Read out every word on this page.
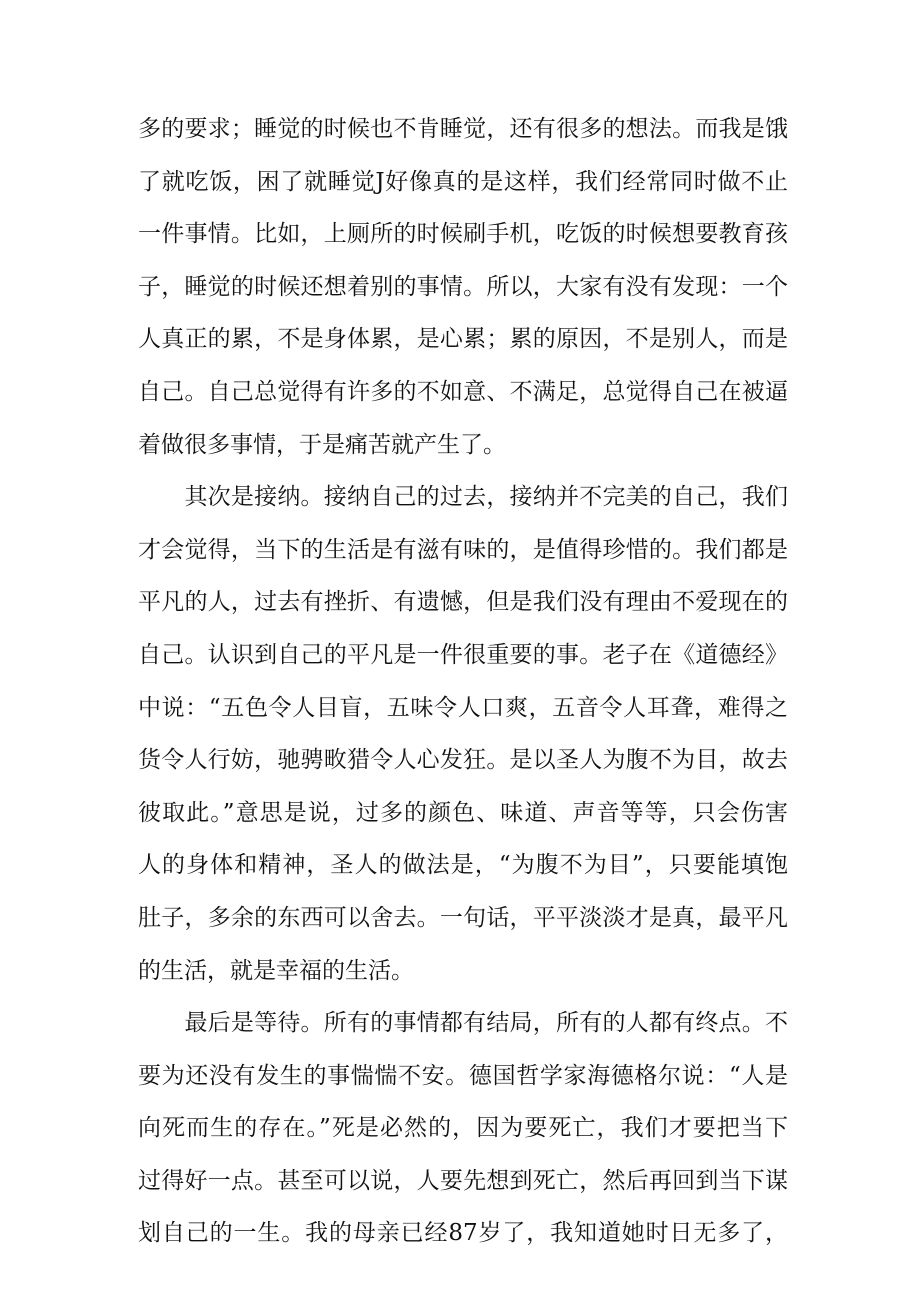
多的要求；睡觉的时候也不肯睡觉，还有很多的想法。而我是饿
了就吃饭，困了就睡觉J好像真的是这样，我们经常同时做不止
一件事情。比如，上厕所的时候刷手机，吃饭的时候想要教育孩
子，睡觉的时候还想着别的事情。所以，大家有没有发现：一个
人真正的累，不是身体累，是心累；累的原因，不是别人，而是
自己。自己总觉得有许多的不如意、不满足，总觉得自己在被逼
着做很多事情，于是痛苦就产生了。
　　其次是接纳。接纳自己的过去，接纳并不完美的自己，我们
才会觉得，当下的生活是有滋有味的，是值得珍惜的。我们都是
平凡的人，过去有挫折、有遗憾，但是我们没有理由不爱现在的
自己。认识到自己的平凡是一件很重要的事。老子在《道德经》
中说：“五色令人目盲，五味令人口爽，五音令人耳聋，难得之
货令人行妨，驰骋畋猎令人心发狂。是以圣人为腹不为目，故去
彼取此。”意思是说，过多的颜色、味道、声音等等，只会伤害
人的身体和精神，圣人的做法是，“为腹不为目”，只要能填饱
肚子，多余的东西可以舍去。一句话，平平淡淡才是真，最平凡
的生活，就是幸福的生活。
　　最后是等待。所有的事情都有结局，所有的人都有终点。不
要为还没有发生的事惴惴不安。德国哲学家海德格尔说：“人是
向死而生的存在。”死是必然的，因为要死亡，我们才要把当下
过得好一点。甚至可以说，人要先想到死亡，然后再回到当下谋
划自己的一生。我的母亲已经87岁了，我知道她时日无多了，
